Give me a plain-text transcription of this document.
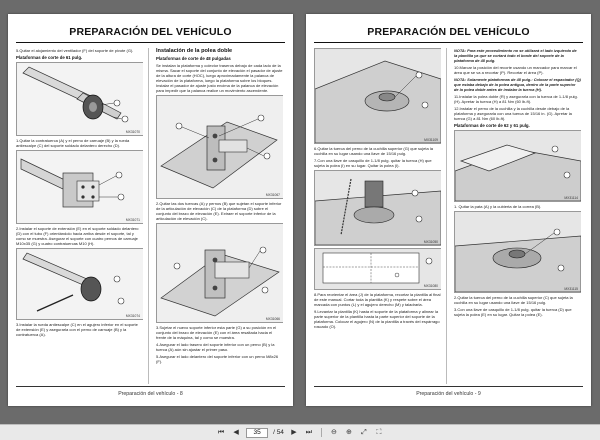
PREPARACIÓN DEL VEHÍCULO
5.Quitar el alojamiento del ventilador (F) del soporte de pivote (G).
Plataformas de corte de 61 pulg.
MX31070
1.Quitar la contratuerca (A) y el perno de carruaje (B) y la rueda antiescalpe (C) del soporte soldado delantero derecho (D).
MX31071
2.Instalar el soporte de extensión (E) en el soporte soldado delantero (D) con el tubo (F) orientándolo hacia arriba desde el soporte, tal y como se muestra. Asegurar el soporte con cuatro pernos de carruaje M10x35 (G) y cuatro contratuercas M10 (H).
MX31074
3.Instalar la rueda antiescalpe (C) en el agujero inferior en el soporte de extensión (E) y asegurarla con el perno de carruaje (B) y la contratuerca (A).
Instalación de la polea doble
Plataformas de corte de 48 pulgadas
Se instalan la plataforma y colector traseros debajo de cada lado de la misma. Sacar el soporte del conjunto de elevación el pasador de ajuste de la altura de corte (HOC), luego aproximadamente la palanca de elevación de la plataforma, luego la plataforma sobre los bloques. Instalar el pasador de ajuste justo encima de la palanca de elevación para impedir que la palanca realice un movimiento ascendente.
MX31067
2.Quitar las dos tuercas (A) y pernos (B) que sujetan el soporte inferior de la articulación de elevación (C) de la plataforma (D) sobre el conjunto del brazo de elevación (E). Extraer el soporte inferior de la articulación de elevación (C).
MX31066
3.Sujetar el nuevo soporte inferior esta parte (G) a su posición en el conjunto del brazo de elevación (E) con el área resaltada hacia el frente de la máquina, tal y como se muestra.
4.Asegurar el lado trasero del soporte inferior con un perno (B) y la tuerca (A) aún sin ajustar el primer paso.
5.Asegurar el lado delantero del soporte inferior con un perno M8x26 (F).
Preparación del vehículo - 8
PREPARACIÓN DEL VEHÍCULO
MX31109
6.Quitar la tuerca del perno de la cuchilla superior (G) que sujeta la cuchilla en su lugar usando una llave de 15/16 pulg.
7.Con una llave de casquillo de 1-1/8 pulg. quitar la tuerca (H) que sujeta la polea (I) en su lugar. Quitar la polea (I).
MX31050
MX31080
8.Para reorientar el área (J) de la plataforma, recortar la plantilla al final de este manual. Cortar toda la plantilla (K) y respete sobre el área marcada con puntos (L) y el agujero derecho (M) y taladrarla.
9.Levantar la plantilla (K) hasta el soporte de la plataforma y alinear la parte superior de la plantilla hasta la parte superior del soporte de la plataforma. Colocar el agujero (N) de la plantilla a través del espárrago roscado (O).
NOTA: Para este procedimiento no se utilizará el lado izquierdo de la plantilla ya que se cortará todo el borde del soporte de la plataforma de 48 pulg.
10.Marcar la posición del recorte usando un marcador para marcar el área que se va a recortar (P). Recortar el área (P).
NOTA: Solamente plataformas de 48 pulg.: Colocar el espaciador (Q) que estaba debajo de la polea antigua, dentro de la parte superior de la polea doble antes de instalar la tuerca (H).
11.Instalar la polea doble (R) y asegurarla con la tuerca de 1-1/8 pulg. (H). Apretar la tuerca (H) a 81 Nm (60 lb-ft).
12.Instalar el perno de la cuchilla y la cuchilla desde debajo de la plataforma y asegurarla con una tuerca de 15/16 in. (G). Apretar la tuerca (G) a 81 Nm (60 lb-ft).
Plataformas de corte de 62 y 61 pulg.
MX31114
1. Quitar la pata (A) y la cubierta de la correa (B).
MX31115
2.Quitar la tuerca del perno de la cuchilla superior (C) que sujeta la cuchilla en su lugar usando una llave de 15/16 pulg.
3.Con una llave de casquillo de 1-1/8 pulg. quitar la tuerca (D) que sujeta la polea (E) en su lugar. Quitar la polea (E).
Preparación del vehículo - 9
⏮	◀
35	/ 54	▶	⏭	⊖ ⊕	⤢	⛶
